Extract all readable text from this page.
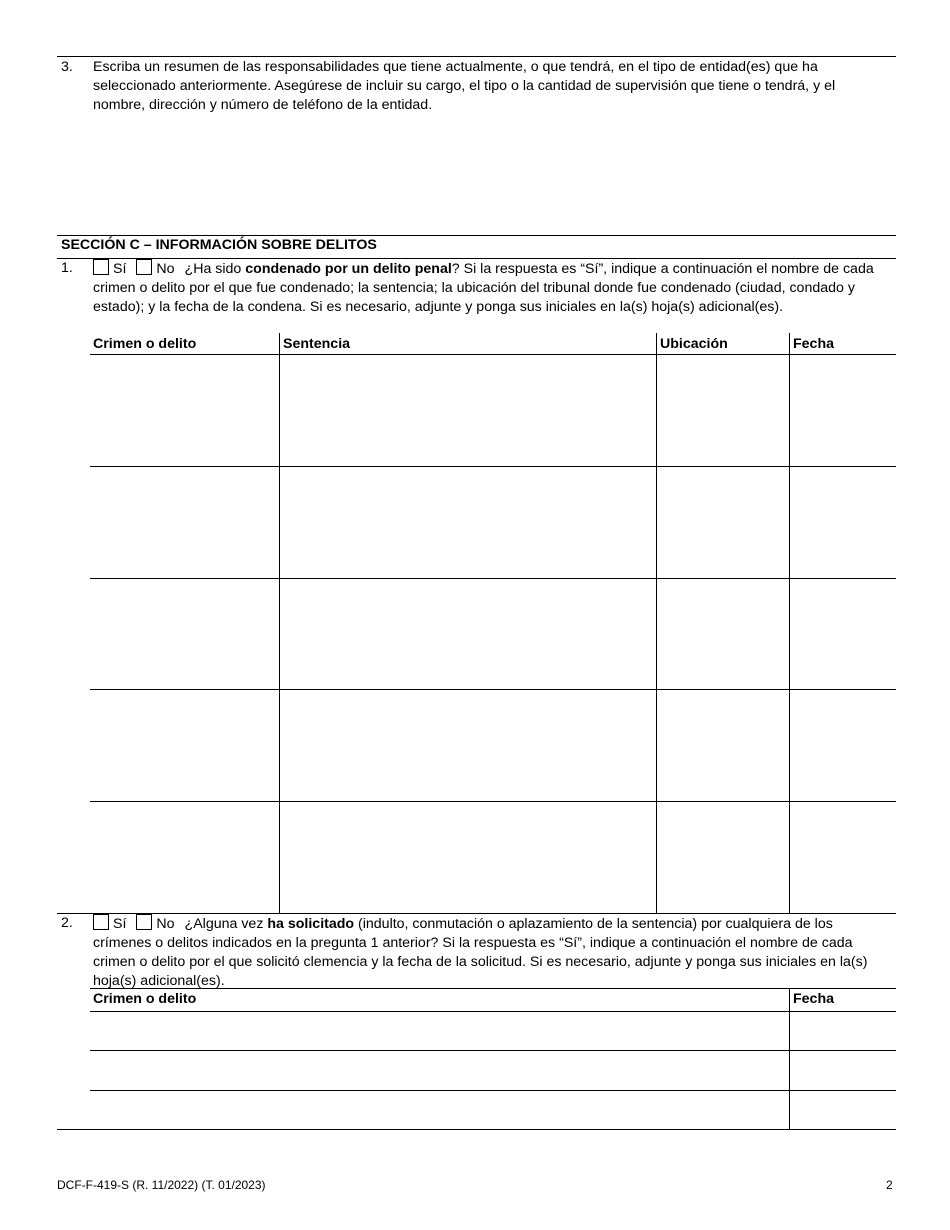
3. Escriba un resumen de las responsabilidades que tiene actualmente, o que tendrá, en el tipo de entidad(es) que ha seleccionado anteriormente. Asegúrese de incluir su cargo, el tipo o la cantidad de supervisión que tiene o tendrá, y el nombre, dirección y número de teléfono de la entidad.
SECCIÓN C – INFORMACIÓN SOBRE DELITOS
1.	Sí No ¿Ha sido condenado por un delito penal? Si la respuesta es “Sí”, indique a continuación el nombre de cada crimen o delito por el que fue condenado; la sentencia; la ubicación del tribunal donde fue condenado (ciudad, condado y estado); y la fecha de la condena. Si es necesario, adjunte y ponga sus iniciales en la(s) hoja(s) adicional(es).
Crimen o delito	Sentencia	Ubicación	Fecha
2.	Sí No ¿Alguna vez ha solicitado (indulto, conmutación o aplazamiento de la sentencia) por cualquiera de los crímenes o delitos indicados en la pregunta 1 anterior? Si la respuesta es “Sí”, indique a continuación el nombre de cada crimen o delito por el que solicitó clemencia y la fecha de la solicitud. Si es necesario, adjunte y ponga sus iniciales en la(s) hoja(s) adicional(es).
Crimen o delito	Fecha
DCF-F-419-S (R. 11/2022) (T. 01/2023)	2
